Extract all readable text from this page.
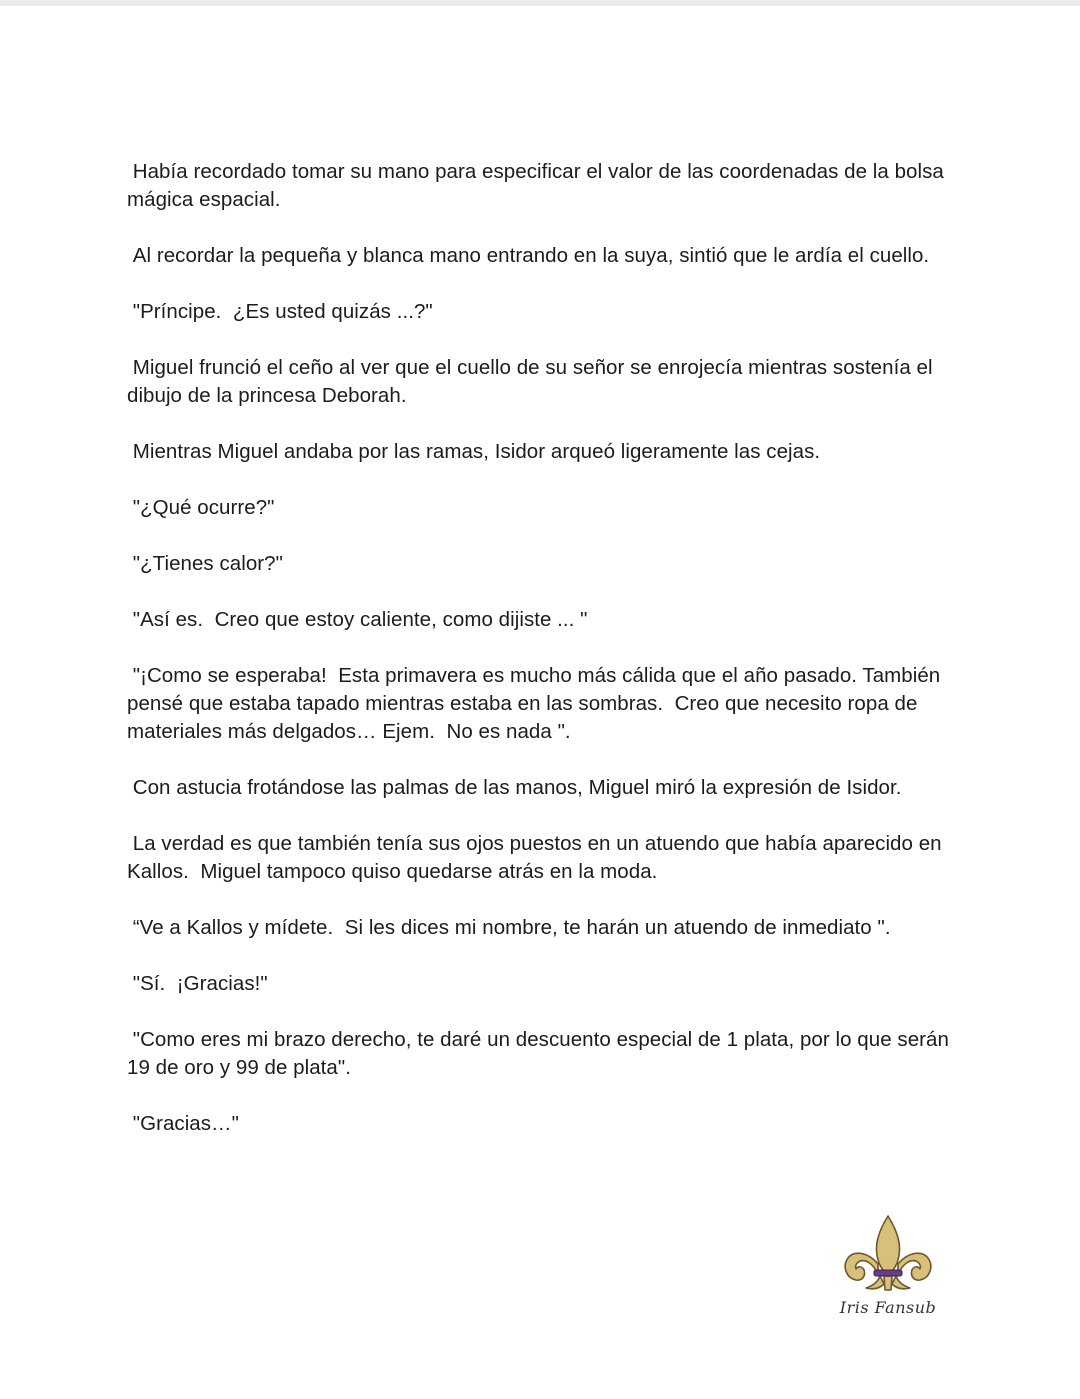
Había recordado tomar su mano para especificar el valor de las coordenadas de la bolsa mágica espacial.

Al recordar la pequeña y blanca mano entrando en la suya, sintió que le ardía el cuello.

"Príncipe.  ¿Es usted quizás ...?"

Miguel frunció el ceño al ver que el cuello de su señor se enrojecía mientras sostenía el dibujo de la princesa Deborah.

Mientras Miguel andaba por las ramas, Isidor arqueó ligeramente las cejas.

"¿Qué ocurre?"

"¿Tienes calor?"

"Así es.  Creo que estoy caliente, como dijiste ... "

"¡Como se esperaba!  Esta primavera es mucho más cálida que el año pasado. También pensé que estaba tapado mientras estaba en las sombras.  Creo que necesito ropa de materiales más delgados… Ejem.  No es nada ".

Con astucia frotándose las palmas de las manos, Miguel miró la expresión de Isidor.

La verdad es que también tenía sus ojos puestos en un atuendo que había aparecido en Kallos.  Miguel tampoco quiso quedarse atrás en la moda.

“Ve a Kallos y mídete.  Si les dices mi nombre, te harán un atuendo de inmediato ".

"Sí.  ¡Gracias!"

"Como eres mi brazo derecho, te daré un descuento especial de 1 plata, por lo que serán 19 de oro y 99 de plata".

"Gracias…"

Iris Fansub
